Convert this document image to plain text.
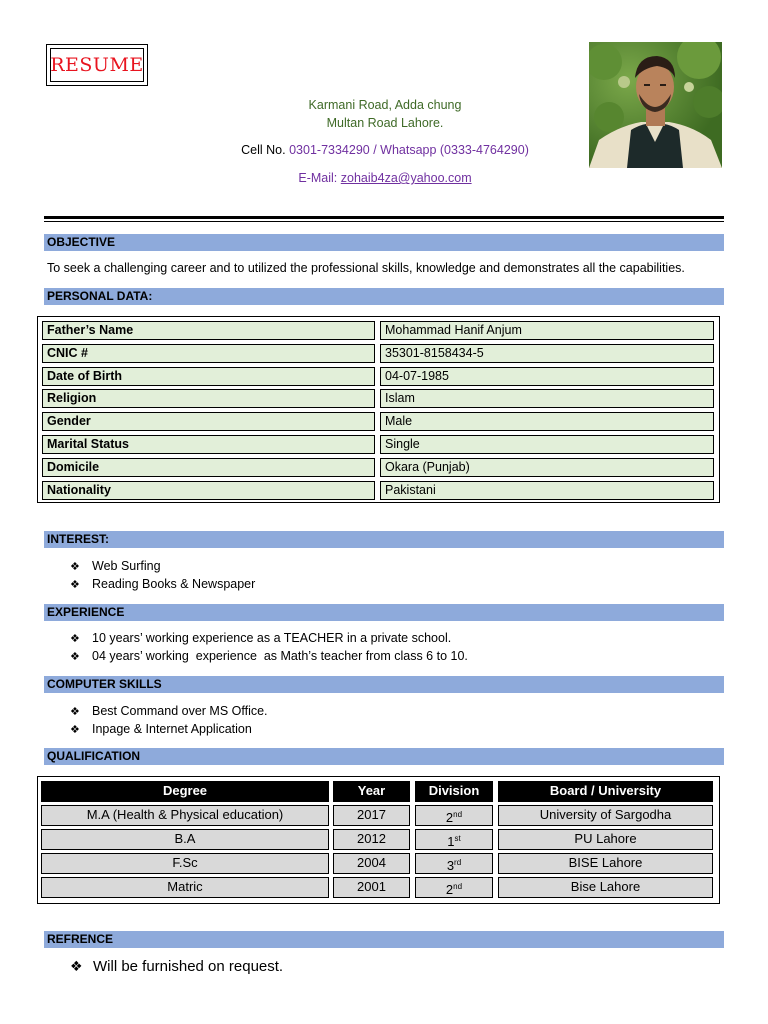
RESUME
Karmani Road, Adda chung
Multan Road Lahore.
Cell No. 0301-7334290 / Whatsapp (0333-4764290)
E-Mail: zohaib4za@yahoo.com
OBJECTIVE
To seek a challenging career and to utilized the professional skills, knowledge and demonstrates all the capabilities.
PERSONAL DATA:
Father’s Name	Mohammad Hanif Anjum
CNIC #	35301-8158434-5
Date of Birth	04-07-1985
Religion	Islam
Gender	Male
Marital Status	Single
Domicile	Okara (Punjab)
Nationality	Pakistani
INTEREST:
❖ Web Surfing
❖ Reading Books & Newspaper
EXPERIENCE
❖ 10 years’ working experience as a TEACHER in a private school.
❖ 04 years’ working  experience  as Math’s teacher from class 6 to 10.
COMPUTER SKILLS
❖ Best Command over MS Office.
❖ Inpage & Internet Application
QUALIFICATION
Degree	Year	Division	Board / University
M.A (Health & Physical education)	2017	2nd	University of Sargodha
B.A	2012	1st	PU Lahore
F.Sc	2004	3rd	BISE Lahore
Matric	2001	2nd	Bise Lahore
REFRENCE
❖ Will be furnished on request.
